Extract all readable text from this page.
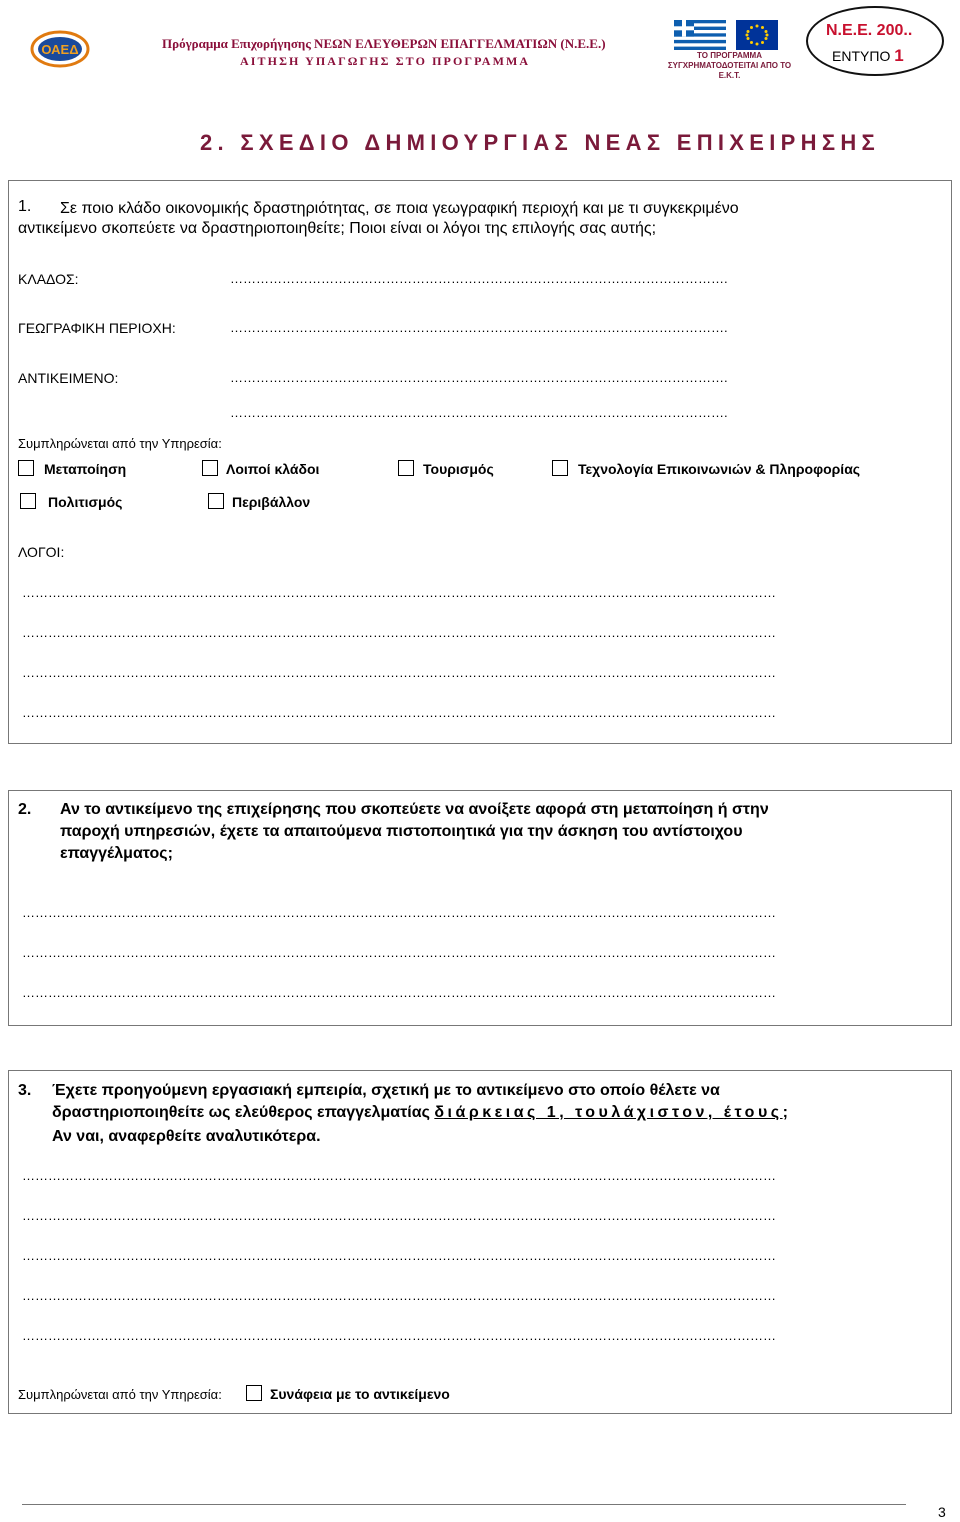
ΟΑΕΔ	Πρόγραμμα Επιχορήγησης ΝΕΩΝ ΕΛΕΥΘΕΡΩΝ ΕΠΑΓΓΕΛΜΑΤΙΩΝ (Ν.Ε.Ε.)
ΑΙΤΗΣΗ ΥΠΑΓΩΓΗΣ ΣΤΟ ΠΡΟΓΡΑΜΜΑ	ΤΟ ΠΡΟΓΡΑΜΜΑ ΣΥΓΧΡΗΜΑΤΟΔΟΤΕΙΤΑΙ ΑΠΟ ΤΟ Ε.Κ.Τ.
Ν.Ε.Ε. 200..
ΕΝΤΥΠΟ 1
2. ΣΧΕΔΙΟ ΔΗΜΙΟΥΡΓΙΑΣ ΝΕΑΣ ΕΠΙΧΕΙΡΗΣΗΣ
1. Σε ποιο κλάδο οικονομικής δραστηριότητας, σε ποια γεωγραφική περιοχή και με τι συγκεκριμένο
αντικείμενο σκοπεύετε να δραστηριοποιηθείτε; Ποιοι είναι οι λόγοι της επιλογής σας αυτής;
ΚΛΑΔΟΣ:	…………………………………………………………………………………………………….
ΓΕΩΓΡΑΦΙΚΗ ΠΕΡΙΟΧΗ:	…………………………………………………………………………………………………….
ΑΝΤΙΚΕΙΜΕΝΟ:	…………………………………………………………………………………………………….
…………………………………………………………………………………………………….
Συμπληρώνεται από την Υπηρεσία:
Μεταποίηση	Λοιποί κλάδοι	Τουρισμός	Τεχνολογία Επικοινωνιών & Πληροφορίας
Πολιτισμός	Περιβάλλον
ΛΟΓΟΙ:
…………………………………………………………………………………………………………………………………………………………
…………………………………………………………………………………………………………………………………………………………
…………………………………………………………………………………………………………………………………………………………
…………………………………………………………………………………………………………………………………………………………
2. Αν το αντικείμενο της επιχείρησης που σκοπεύετε να ανοίξετε αφορά στη μεταποίηση ή στην
παροχή υπηρεσιών, έχετε τα απαιτούμενα πιστοποιητικά για την άσκηση του αντίστοιχου
επαγγέλματος;
…………………………………………………………………………………………………………………………………………………………
…………………………………………………………………………………………………………………………………………………………
…………………………………………………………………………………………………………………………………………………………
3. Έχετε προηγούμενη εργασιακή εμπειρία, σχετική με το αντικείμενο στο οποίο θέλετε να
δραστηριοποιηθείτε ως ελεύθερος επαγγελματίας διάρκειας 1, τουλάχιστον, έτους;
Αν ναι, αναφερθείτε αναλυτικότερα.
…………………………………………………………………………………………………………………………………………………………
…………………………………………………………………………………………………………………………………………………………
…………………………………………………………………………………………………………………………………………………………
…………………………………………………………………………………………………………………………………………………………
…………………………………………………………………………………………………………………………………………………………
Συμπληρώνεται από την Υπηρεσία:	Συνάφεια με το αντικείμενο
3
